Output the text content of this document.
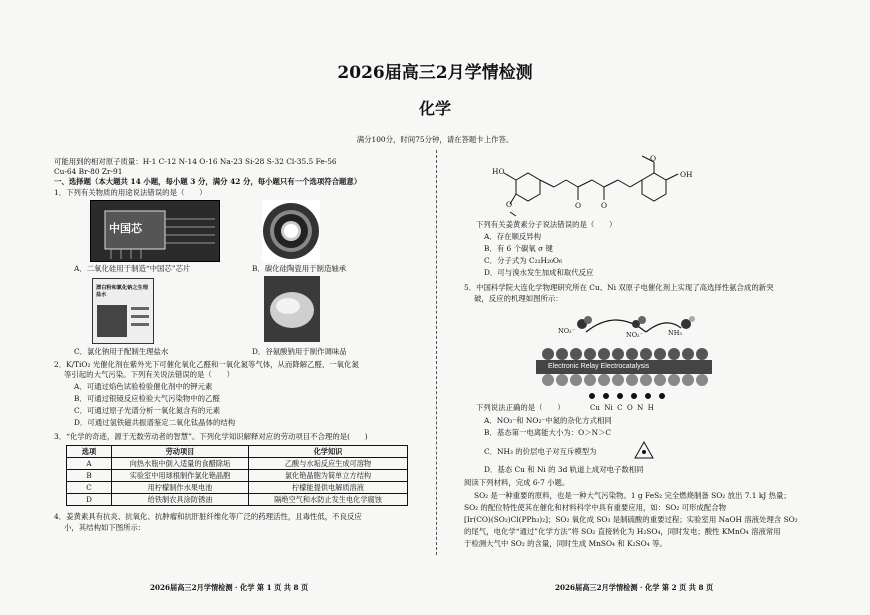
2026届高三2月学情检测
化学
满分100分，时间75分钟，请在答题卡上作答。
可能用到的相对原子质量：H-1 C-12 N-14 O-16 Na-23 Si-28 S-32 Cl-35.5 Fe-56
Cu-64 Br-80 Zr-91
一、选择题（本大题共 14 小题，每小题 3 分，满分 42 分，每小题只有一个选项符合题意）
1．下列有关物质的用途说法错误的是（　　）
中国芯
A．二氧化硅用于制造“中国芯”芯片	B．碳化硅陶瓷用于制造轴承
漂白粉和氯化钠之生理盐水
C．氯化钠用于配制生理盐水	D．谷氨酸钠用于制作调味品
2．K/TiO₂ 光催化剂在紫外光下可催化氧化乙醛和一氧化氮等气体，从而降解乙醛、一氧化氮
等引起的大气污染。下列有关说法错误的是（　　）
A．可通过焰色试验检验催化剂中的钾元素
B．可通过银镜反应检验大气污染物中的乙醛
C．可通过原子光谱分析一氧化氮含有的元素
D．可通过氢铁磁共振谱鉴定二氧化钛晶体的结构
3．“化学的奇迹，源于无数劳动者的智慧”。下列化学知识解释对应的劳动项目不合理的是(　　)
选项	劳动项目	化学知识
A	向热水瓶中倒入适量的食醋除垢	乙酸与水垢反应生成可溶物
B	实验室中用球根制作氯化铯晶胞	氯化铯晶胞为简单立方结构
C	用柠檬制作水果电池	柠檬能提供电解质溶液
D	给铁制农具涂防锈油	隔绝空气和水防止发生电化学腐蚀
4．姜黄素具有抗炎、抗氧化、抗肿瘤和抗肝脏纤维化等广泛的药理活性，且毒性低，不良反应
小，其结构如下图所示：
HO
O	O	O
O
OH
下列有关姜黄素分子说法错误的是（　　）
A．存在顺反异构
B．有 6 个碳氧 σ 键
C．分子式为 C₂₁H₂₀O₆
D．可与溴水发生加成和取代反应
5．中国科学院大连化学物理研究所在 Cu、Ni 双原子电催化剂上实现了高选择性氨合成的新突
破，反应的机理如图所示：
NO₃⁻	NO₂⁻	NH₃
Electronic Relay Electrocatalysis
Cu Ni C O N H
下列说法正确的是（　　）
A．NO₃⁻和 NO₂⁻中氮的杂化方式相同
B．基态第一电离能大小为：O＞N＞C
C．NH₃ 的价层电子对互斥模型为
D．基态 Cu 和 Ni 的 3d 轨道上成对电子数相同
阅读下列材料，完成 6-7 小题。
SO₂ 是一种重要的原料，也是一种大气污染物。1 g FeS₂ 完全燃烧制备 SO₂ 放出 7.1 kJ 热量；
SO₂ 的配位特性使其在催化和材料科学中具有重要应用，如：SO₂ 可形成配合物
[Ir(CO)(SO₂)Cl(PPh₃)₂]；SO₂ 氧化成 SO₃ 是制硫酸的重要过程；实验室用 NaOH 溶液处理含 SO₂
的尾气，电化学“通过”化学方法”将 SO₂ 直接转化为 H₂SO₄，同时发电；酸性 KMnO₄ 溶液常用
于检测大气中 SO₂ 的含量，同时生成 MnSO₄ 和 K₂SO₄ 等。
2026届高三2月学情检测 · 化学 第 1 页 共 8 页	2026届高三2月学情检测 · 化学 第 2 页 共 8 页
